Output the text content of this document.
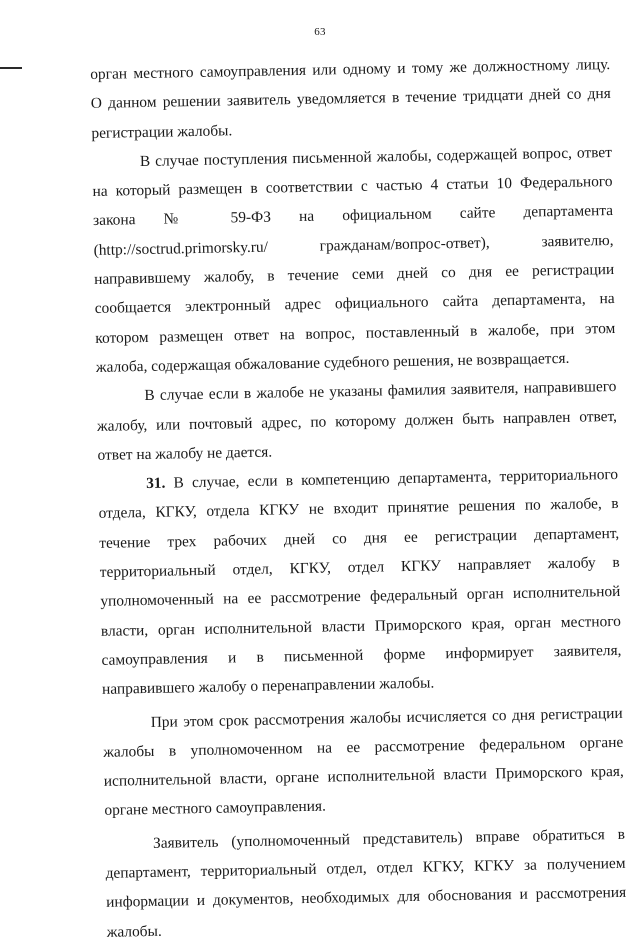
63
орган местного самоуправления или одному и тому же должностному лицу.
О данном решении заявитель уведомляется в течение тридцати дней со дня
регистрации жалобы.
В случае поступления письменной жалобы, содержащей вопрос, ответ
на который размещен в соответствии с частью 4 статьи 10 Федерального
закона № 59-ФЗ на официальном сайте департамента
(http://soctrud.primorsky.ru/ гражданам/вопрос-ответ), заявителю,
направившему жалобу, в течение семи дней со дня ее регистрации
сообщается электронный адрес официального сайта департамента, на
котором размещен ответ на вопрос, поставленный в жалобе, при этом
жалоба, содержащая обжалование судебного решения, не возвращается.
В случае если в жалобе не указаны фамилия заявителя, направившего
жалобу, или почтовый адрес, по которому должен быть направлен ответ,
ответ на жалобу не дается.
31. В случае, если в компетенцию департамента, территориального
отдела, КГКУ, отдела КГКУ не входит принятие решения по жалобе, в
течение трех рабочих дней со дня ее регистрации департамент,
территориальный отдел, КГКУ, отдел КГКУ направляет жалобу в
уполномоченный на ее рассмотрение федеральный орган исполнительной
власти, орган исполнительной власти Приморского края, орган местного
самоуправления и в письменной форме информирует заявителя,
направившего жалобу о перенаправлении жалобы.
При этом срок рассмотрения жалобы исчисляется со дня регистрации
жалобы в уполномоченном на ее рассмотрение федеральном органе
исполнительной власти, органе исполнительной власти Приморского края,
органе местного самоуправления.
Заявитель (уполномоченный представитель) вправе обратиться в
департамент, территориальный отдел, отдел КГКУ, КГКУ за получением
информации и документов, необходимых для обоснования и рассмотрения
жалобы.
